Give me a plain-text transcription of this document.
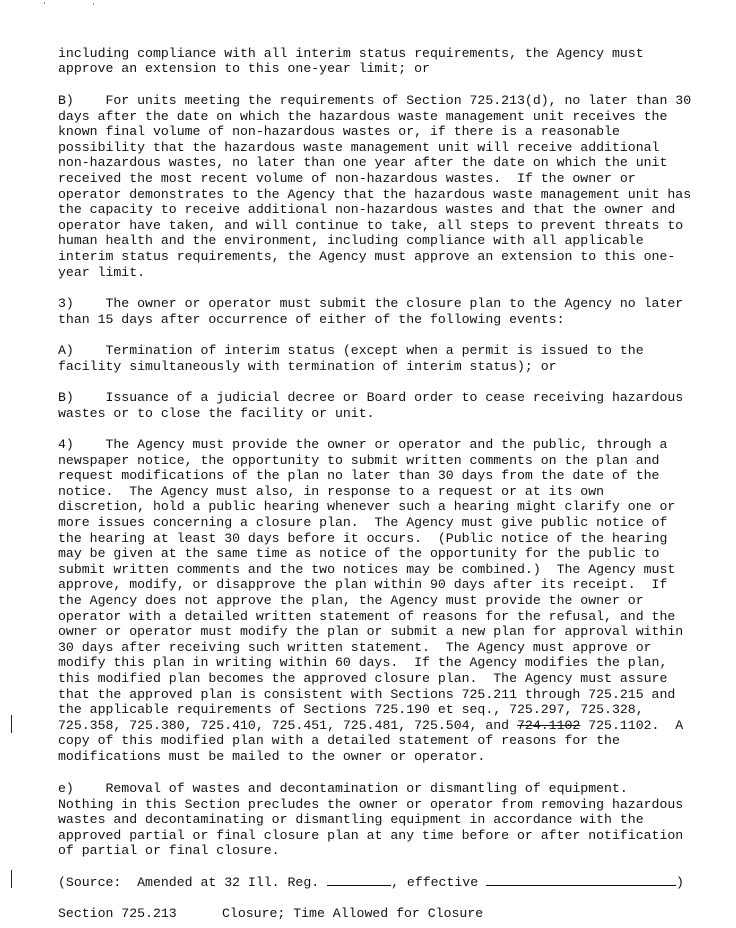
including compliance with all interim status requirements, the Agency must
approve an extension to this one-year limit; or
B)    For units meeting the requirements of Section 725.213(d), no later than 30
days after the date on which the hazardous waste management unit receives the
known final volume of non-hazardous wastes or, if there is a reasonable
possibility that the hazardous waste management unit will receive additional
non-hazardous wastes, no later than one year after the date on which the unit
received the most recent volume of non-hazardous wastes.  If the owner or
operator demonstrates to the Agency that the hazardous waste management unit has
the capacity to receive additional non-hazardous wastes and that the owner and
operator have taken, and will continue to take, all steps to prevent threats to
human health and the environment, including compliance with all applicable
interim status requirements, the Agency must approve an extension to this one-
year limit.
3)    The owner or operator must submit the closure plan to the Agency no later
than 15 days after occurrence of either of the following events:
A)    Termination of interim status (except when a permit is issued to the
facility simultaneously with termination of interim status); or
B)    Issuance of a judicial decree or Board order to cease receiving hazardous
wastes or to close the facility or unit.
4)    The Agency must provide the owner or operator and the public, through a
newspaper notice, the opportunity to submit written comments on the plan and
request modifications of the plan no later than 30 days from the date of the
notice.  The Agency must also, in response to a request or at its own
discretion, hold a public hearing whenever such a hearing might clarify one or
more issues concerning a closure plan.  The Agency must give public notice of
the hearing at least 30 days before it occurs.  (Public notice of the hearing
may be given at the same time as notice of the opportunity for the public to
submit written comments and the two notices may be combined.)  The Agency must
approve, modify, or disapprove the plan within 90 days after its receipt.  If
the Agency does not approve the plan, the Agency must provide the owner or
operator with a detailed written statement of reasons for the refusal, and the
owner or operator must modify the plan or submit a new plan for approval within
30 days after receiving such written statement.  The Agency must approve or
modify this plan in writing within 60 days.  If the Agency modifies the plan,
this modified plan becomes the approved closure plan.  The Agency must assure
that the approved plan is consistent with Sections 725.211 through 725.215 and
the applicable requirements of Sections 725.190 et seq., 725.297, 725.328,
725.358, 725.380, 725.410, 725.451, 725.481, 725.504, and 724.1102 725.1102.  A
copy of this modified plan with a detailed statement of reasons for the
modifications must be mailed to the owner or operator.
e)    Removal of wastes and decontamination or dismantling of equipment.
Nothing in this Section precludes the owner or operator from removing hazardous
wastes and decontaminating or dismantling equipment in accordance with the
approved partial or final closure plan at any time before or after notification
of partial or final closure.
(Source:  Amended at 32 Ill. Reg.	, effective	)
Section 725.213	Closure; Time Allowed for Closure
